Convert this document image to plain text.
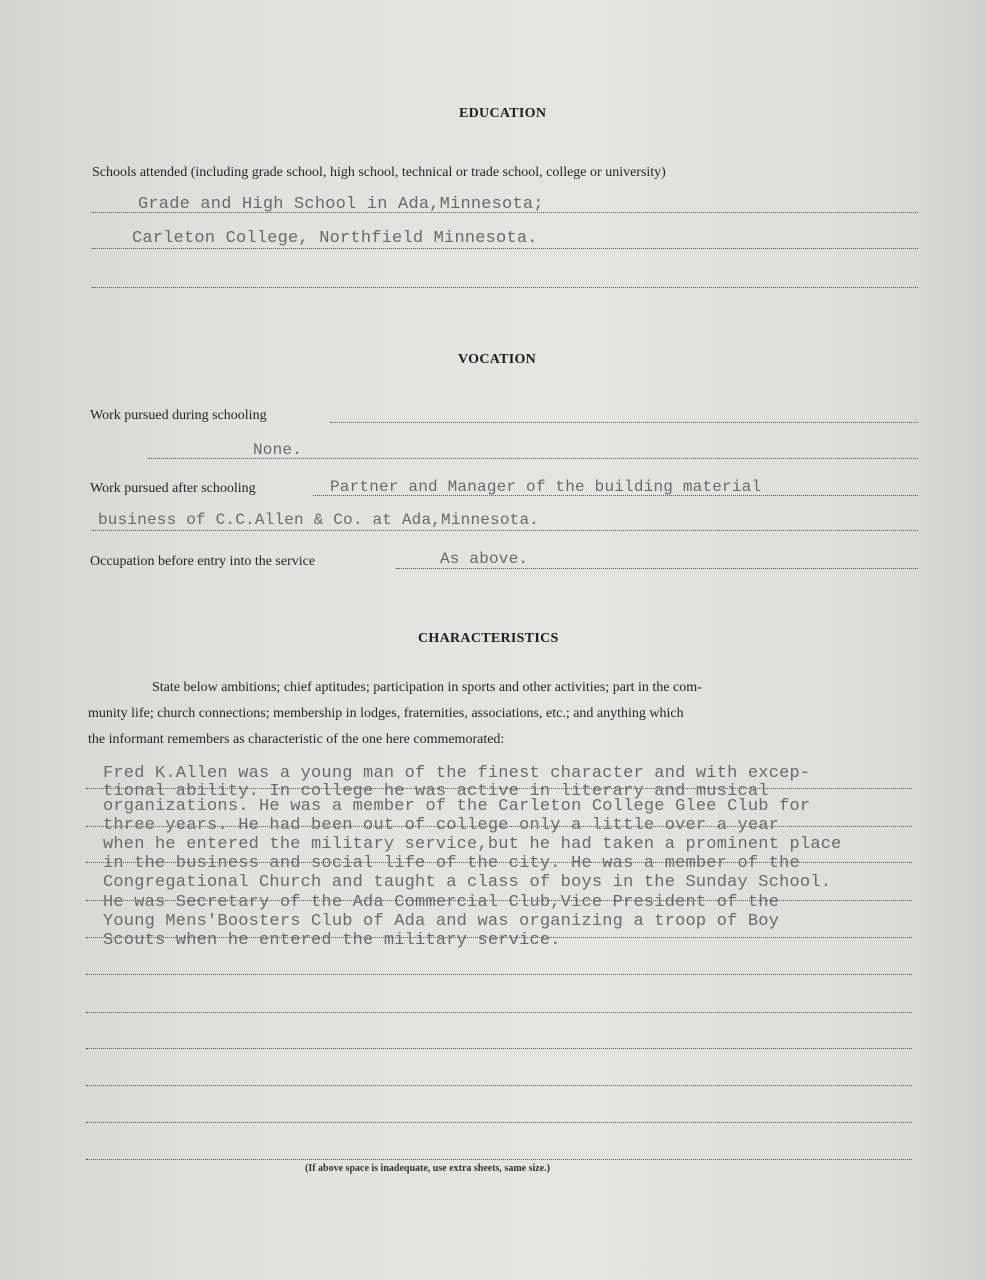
EDUCATION
Schools attended (including grade school, high school, technical or trade school, college or university)
Grade and High School in Ada,Minnesota;
Carleton College, Northfield Minnesota.
VOCATION
Work pursued during schooling
None.
Work pursued after schooling	Partner and Manager of the building material
business of C.C.Allen & Co. at Ada,Minnesota.
Occupation before entry into the service	As above.
CHARACTERISTICS
State below ambitions; chief aptitudes; participation in sports and other activities; part in the com-
munity life; church connections; membership in lodges, fraternities, associations, etc.; and anything which
the informant remembers as characteristic of the one here commemorated:
Fred K.Allen was a young man of the finest character and with excep-
tional ability. In college he was active in literary and musical
organizations. He was a member of the Carleton College Glee Club for
three years. He had been out of college only a little over a year
when he entered the military service,but he had taken a prominent place
in the business and social life of the city. He was a member of the
Congregational Church and taught a class of boys in the Sunday School.
He was Secretary of the Ada Commercial Club,Vice President of the
Young Mens'Boosters Club of Ada and was organizing a troop of Boy
Scouts when he entered the military service.
(If above space is inadequate, use extra sheets, same size.)
